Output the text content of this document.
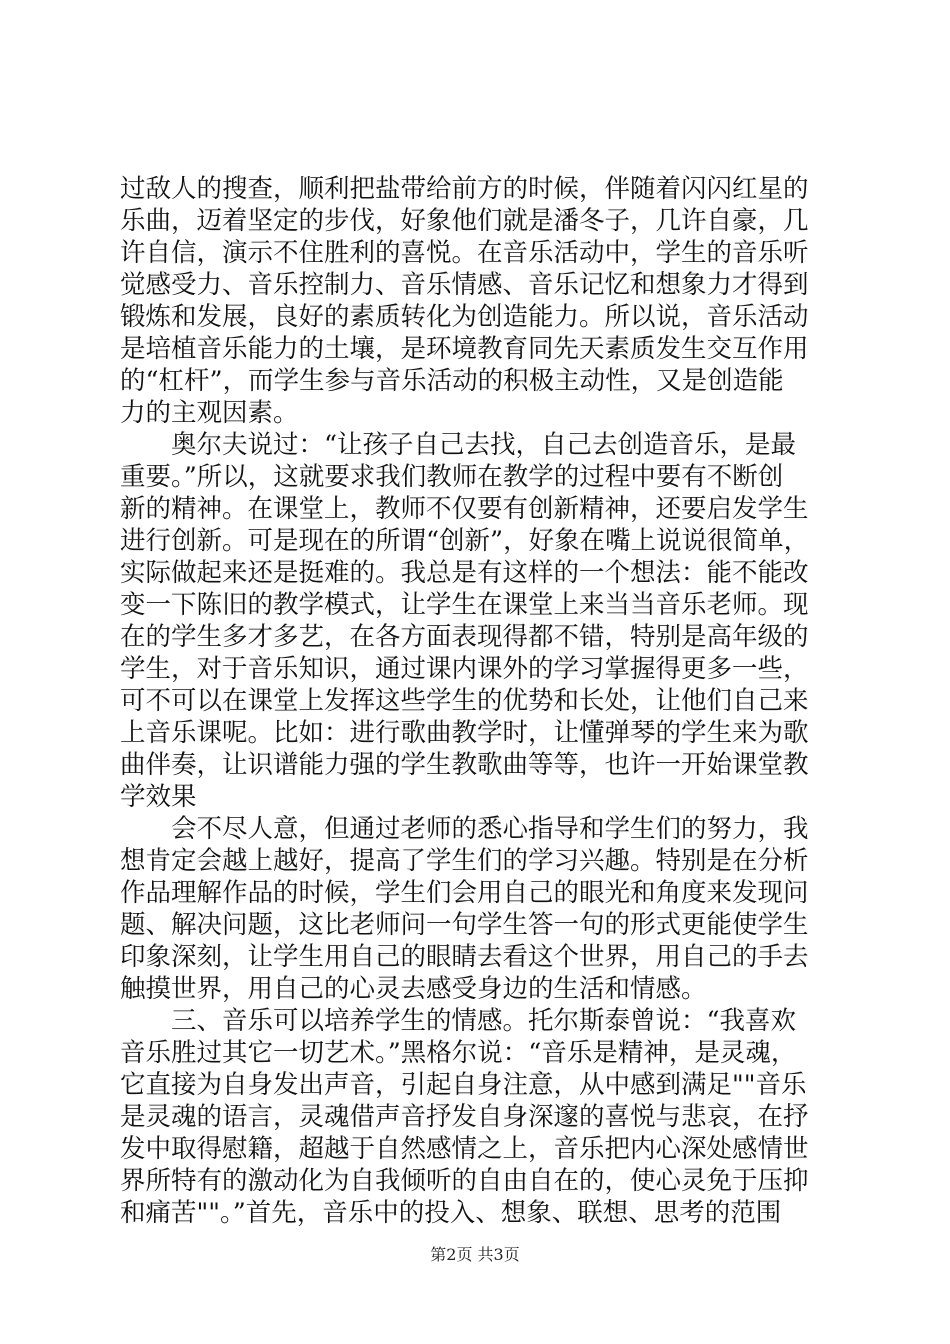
过敌人的搜查，顺利把盐带给前方的时候，伴随着闪闪红星的
乐曲，迈着坚定的步伐，好象他们就是潘冬子，几许自豪，几
许自信，演示不住胜利的喜悦。在音乐活动中，学生的音乐听
觉感受力、音乐控制力、音乐情感、音乐记忆和想象力才得到
锻炼和发展，良好的素质转化为创造能力。所以说，音乐活动
是培植音乐能力的土壤，是环境教育同先天素质发生交互作用
的“杠杆”，而学生参与音乐活动的积极主动性，又是创造能
力的主观因素。
　　奥尔夫说过：“让孩子自己去找，自己去创造音乐，是最
重要。”所以，这就要求我们教师在教学的过程中要有不断创
新的精神。在课堂上，教师不仅要有创新精神，还要启发学生
进行创新。可是现在的所谓“创新”，好象在嘴上说说很简单，
实际做起来还是挺难的。我总是有这样的一个想法：能不能改
变一下陈旧的教学模式，让学生在课堂上来当当音乐老师。现
在的学生多才多艺，在各方面表现得都不错，特别是高年级的
学生，对于音乐知识，通过课内课外的学习掌握得更多一些，
可不可以在课堂上发挥这些学生的优势和长处，让他们自己来
上音乐课呢。比如：进行歌曲教学时，让懂弹琴的学生来为歌
曲伴奏，让识谱能力强的学生教歌曲等等，也许一开始课堂教
学效果
　　会不尽人意，但通过老师的悉心指导和学生们的努力，我
想肯定会越上越好，提高了学生们的学习兴趣。特别是在分析
作品理解作品的时候，学生们会用自己的眼光和角度来发现问
题、解决问题，这比老师问一句学生答一句的形式更能使学生
印象深刻，让学生用自己的眼睛去看这个世界，用自己的手去
触摸世界，用自己的心灵去感受身边的生活和情感。
　　三、音乐可以培养学生的情感。托尔斯泰曾说：“我喜欢
音乐胜过其它一切艺术。”黑格尔说：“音乐是精神，是灵魂，
它直接为自身发出声音，引起自身注意，从中感到满足""音乐
是灵魂的语言，灵魂借声音抒发自身深邃的喜悦与悲哀，在抒
发中取得慰籍，超越于自然感情之上，音乐把内心深处感情世
界所特有的激动化为自我倾听的自由自在的，使心灵免于压抑
和痛苦""。”首先，音乐中的投入、想象、联想、思考的范围
第2页 共3页
